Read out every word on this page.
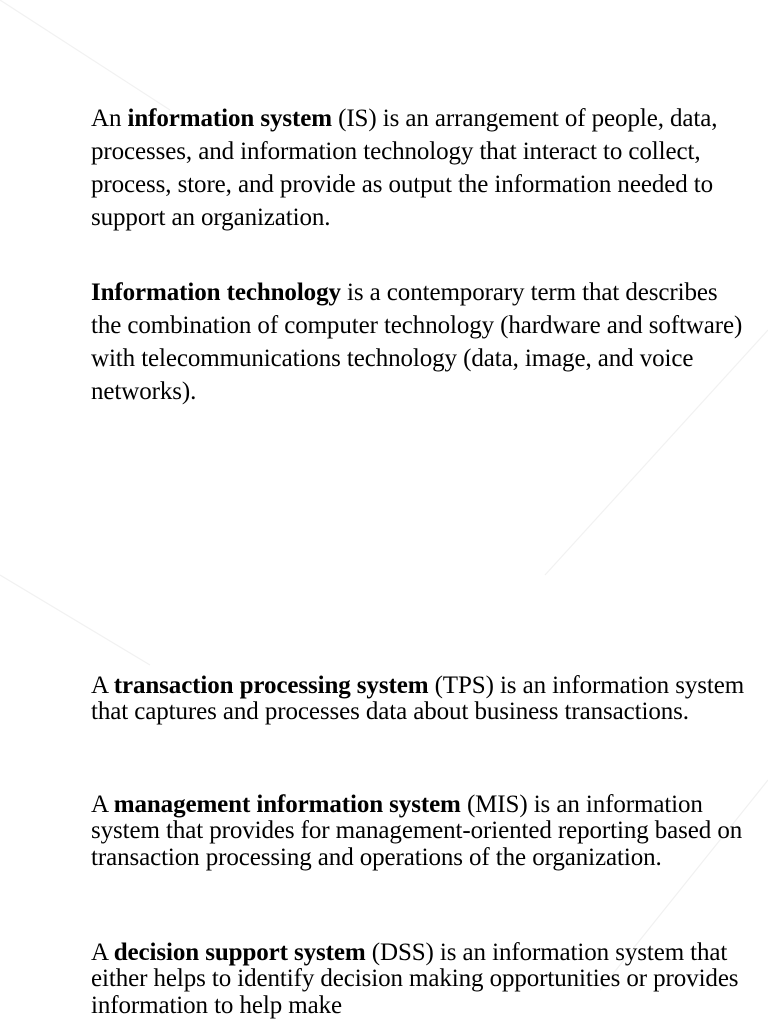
An information system (IS) is an arrangement of people, data, processes, and information technology that interact to collect, process, store, and provide as output the information needed to support an organization.

Information technology is a contemporary term that describes the combination of computer technology (hardware and software) with telecommunications technology (data, image, and voice networks).

A transaction processing system (TPS) is an information system that captures and processes data about business transactions.

A management information system (MIS) is an information system that provides for management-oriented reporting based on transaction processing and operations of the organization.

A decision support system (DSS) is an information system that either helps to identify decision making opportunities or provides information to help make
